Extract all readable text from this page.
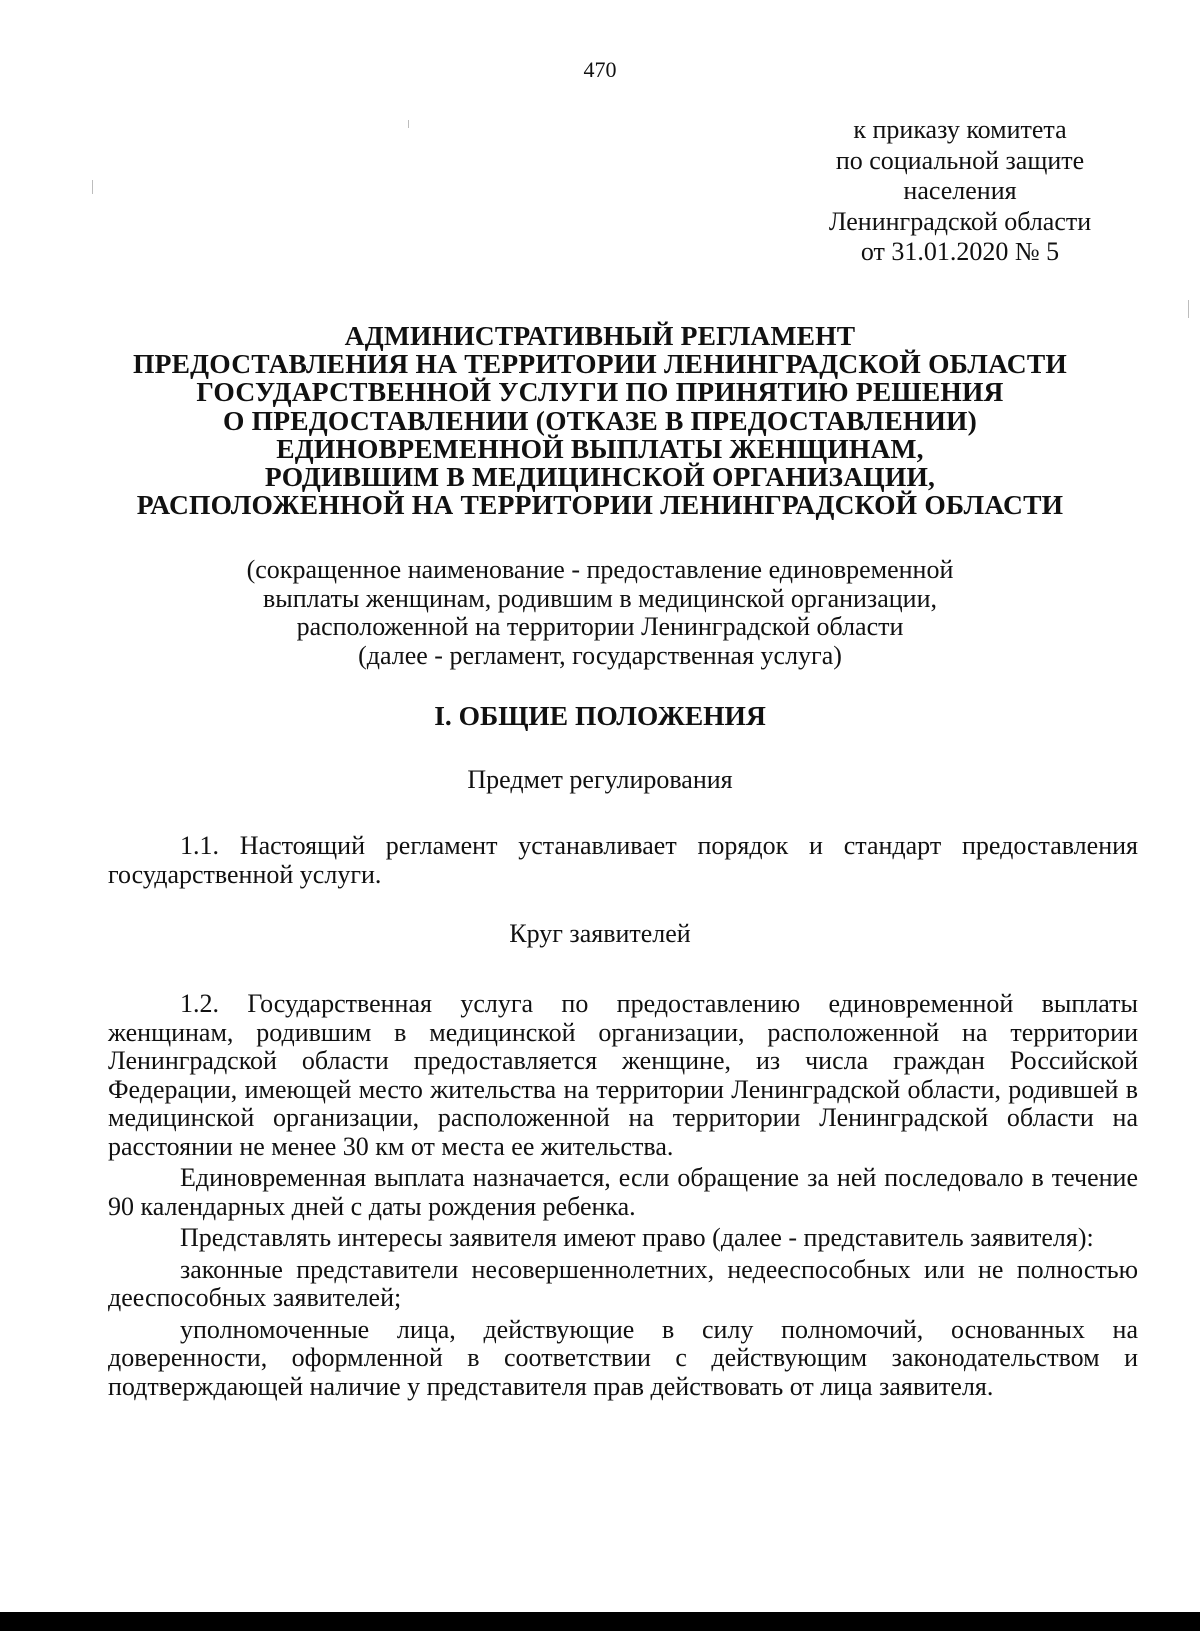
470
к приказу комитета
по социальной защите
населения
Ленинградской области
от 31.01.2020 № 5
АДМИНИСТРАТИВНЫЙ РЕГЛАМЕНТ
ПРЕДОСТАВЛЕНИЯ НА ТЕРРИТОРИИ ЛЕНИНГРАДСКОЙ ОБЛАСТИ
ГОСУДАРСТВЕННОЙ УСЛУГИ ПО ПРИНЯТИЮ РЕШЕНИЯ
О ПРЕДОСТАВЛЕНИИ (ОТКАЗЕ В ПРЕДОСТАВЛЕНИИ)
ЕДИНОВРЕМЕННОЙ ВЫПЛАТЫ ЖЕНЩИНАМ,
РОДИВШИМ В МЕДИЦИНСКОЙ ОРГАНИЗАЦИИ,
РАСПОЛОЖЕННОЙ НА ТЕРРИТОРИИ ЛЕНИНГРАДСКОЙ ОБЛАСТИ
(сокращенное наименование - предоставление единовременной
выплаты женщинам, родившим в медицинской организации,
расположенной на территории Ленинградской области
(далее - регламент, государственная услуга)
I. ОБЩИЕ ПОЛОЖЕНИЯ
Предмет регулирования

1.1. Настоящий регламент устанавливает порядок и стандарт предоставления государственной услуги.

Круг заявителей

1.2. Государственная услуга по предоставлению единовременной выплаты женщинам, родившим в медицинской организации, расположенной на территории Ленинградской области предоставляется женщине, из числа граждан Российской Федерации, имеющей место жительства на территории Ленинградской области, родившей в медицинской организации, расположенной на территории Ленинградской области на расстоянии не менее 30 км от места ее жительства.

Единовременная выплата назначается, если обращение за ней последовало в течение 90 календарных дней с даты рождения ребенка.

Представлять интересы заявителя имеют право (далее - представитель заявителя):

законные представители несовершеннолетних, недееспособных или не полностью дееспособных заявителей;

уполномоченные лица, действующие в силу полномочий, основанных на доверенности, оформленной в соответствии с действующим законодательством и подтверждающей наличие у представителя прав действовать от лица заявителя.
